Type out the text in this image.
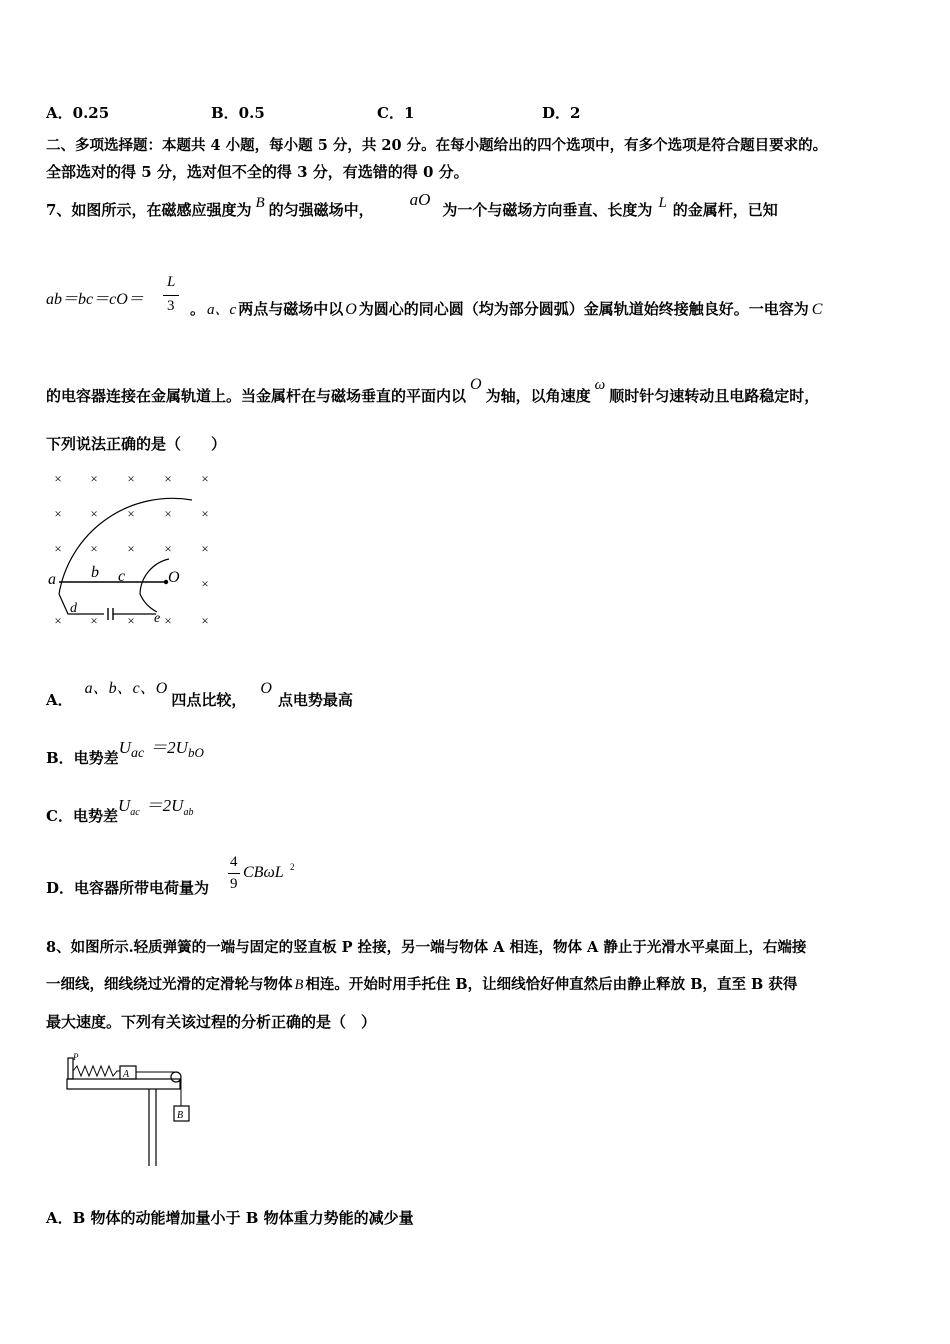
A．0.25	B．0.5	C．1	D．2
二、多项选择题：本题共 4 小题，每小题 5 分，共 20 分。在每小题给出的四个选项中，有多个选项是符合题目要求的。
全部选对的得 5 分，选对但不全的得 3 分，有选错的得 0 分。
7、如图所示，在磁感应强度为 B 的匀强磁场中，aO为一个与磁场方向垂直、长度为 L 的金属杆，已知
ab＝bc＝cO＝
L
3 。 a、c 两点与磁场中以 O 为圆心的同心圆（均为部分圆弧）金属轨道始终接触良好。一电容为 C
的电容器连接在金属轨道上。当金属杆在与磁场垂直的平面内以O为轴，以角速度ω顺时针匀速转动且电路稳定时，
下列说法正确的是（　　）
× × × × ×
× × × × ×
× × × × ×
×
× × × × ×
a b c	O
d
e
A．a、b、c、O四点比较，O点电势最高
B．电势差Uac ＝2UbO
C．电势差$U^{ac} =2U^{ab}$
D．电容器所带电荷量为
4
9
CBωL 2
8、如图所示.轻质弹簧的一端与固定的竖直板 P 拴接，另一端与物体 A 相连，物体 A 静止于光滑水平桌面上，右端接
一细线，细线绕过光滑的定滑轮与物体 B 相连。开始时用手托住 B，让细线恰好伸直然后由静止释放 B，直至 B 获得
最大速度。下列有关该过程的分析正确的是（　）
P
A
B
A．B 物体的动能增加量小于 B 物体重力势能的减少量
